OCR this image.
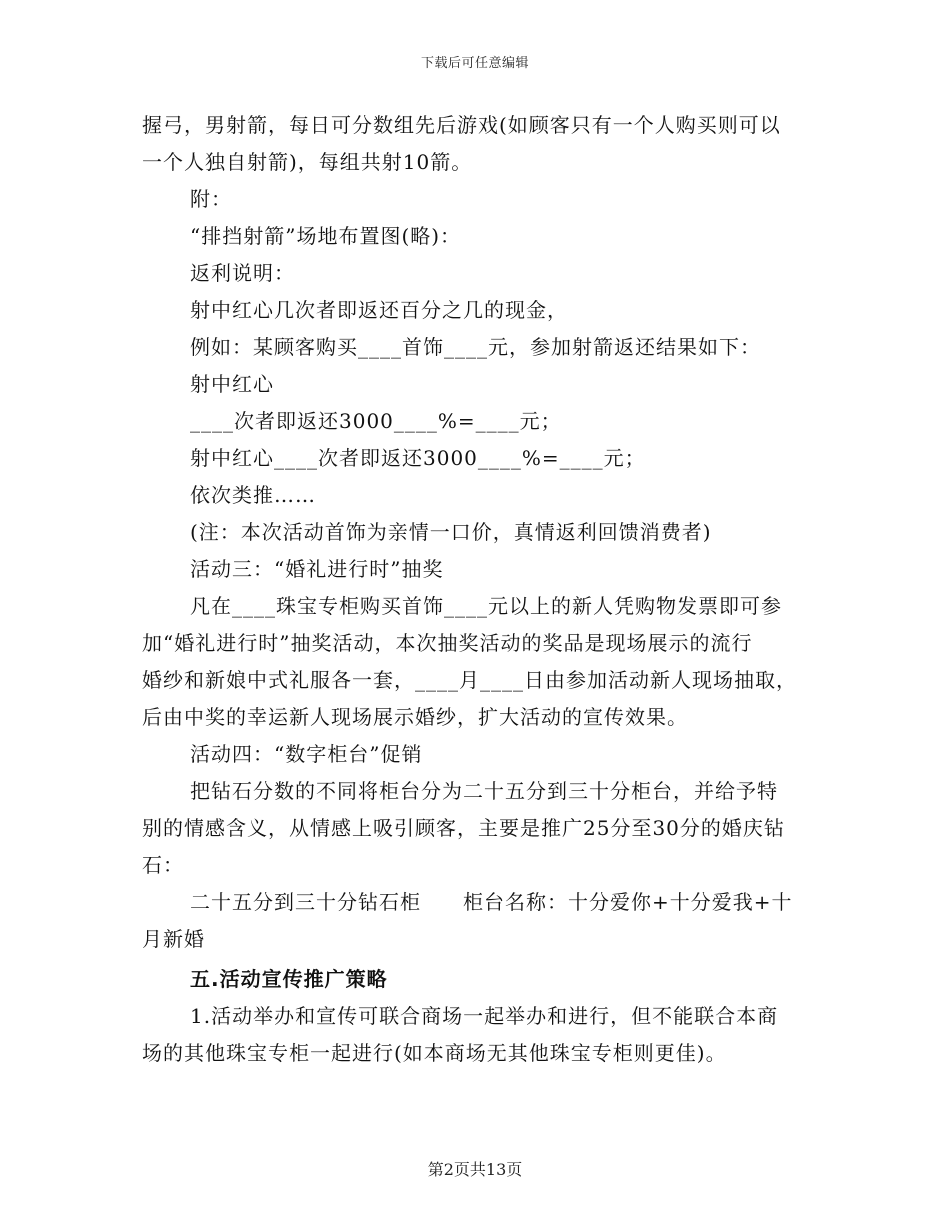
下载后可任意编辑
握弓，男射箭，每日可分数组先后游戏(如顾客只有一个人购买则可以
一个人独自射箭)，每组共射10箭。
附：
“排挡射箭”场地布置图(略)：
返利说明：
射中红心几次者即返还百分之几的现金，
例如：某顾客购买____首饰____元，参加射箭返还结果如下：
射中红心
____次者即返还3000____%=____元；
射中红心____次者即返还3000____%=____元；
依次类推……
(注：本次活动首饰为亲情一口价，真情返利回馈消费者)
活动三：“婚礼进行时”抽奖
凡在____珠宝专柜购买首饰____元以上的新人凭购物发票即可参
加“婚礼进行时”抽奖活动，本次抽奖活动的奖品是现场展示的流行
婚纱和新娘中式礼服各一套，____月____日由参加活动新人现场抽取，
后由中奖的幸运新人现场展示婚纱，扩大活动的宣传效果。
活动四：“数字柜台”促销
把钻石分数的不同将柜台分为二十五分到三十分柜台，并给予特
别的情感含义，从情感上吸引顾客，主要是推广25分至30分的婚庆钻
石：
二十五分到三十分钻石柜　　柜台名称：十分爱你+十分爱我+十
月新婚
五.活动宣传推广策略
1.活动举办和宣传可联合商场一起举办和进行，但不能联合本商
场的其他珠宝专柜一起进行(如本商场无其他珠宝专柜则更佳)。
第2页共13页
